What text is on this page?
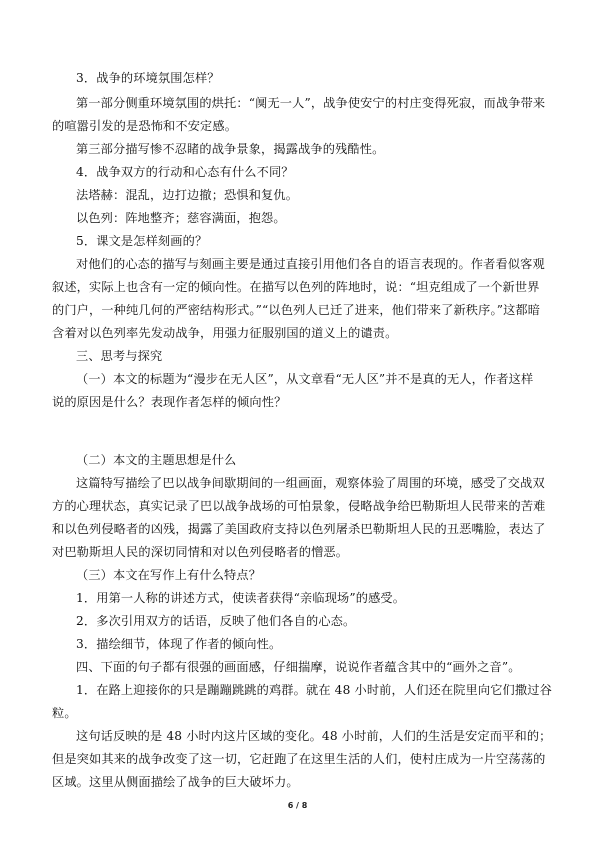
3．战争的环境氛围怎样？
第一部分侧重环境氛围的烘托：“阒无一人”，战争使安宁的村庄变得死寂，而战争带来
的喧嚣引发的是恐怖和不安定感。
第三部分描写惨不忍睹的战争景象，揭露战争的残酷性。
4．战争双方的行动和心态有什么不同？
法塔赫：混乱，边打边撤；恐惧和复仇。
以色列：阵地整齐；慈容满面，抱怨。
5．课文是怎样刻画的？
对他们的心态的描写与刻画主要是通过直接引用他们各自的语言表现的。作者看似客观
叙述，实际上也含有一定的倾向性。在描写以色列的阵地时，说：“坦克组成了一个新世界
的门户，一种纯几何的严密结构形式。”“以色列人已迁了进来，他们带来了新秩序。”这都暗
含着对以色列率先发动战争，用强力征服别国的道义上的谴责。
三、思考与探究
（一）本文的标题为“漫步在无人区”，从文章看“无人区”并不是真的无人，作者这样
说的原因是什么？表现作者怎样的倾向性？
（二）本文的主题思想是什么
这篇特写描绘了巴以战争间歇期间的一组画面，观察体验了周围的环境，感受了交战双
方的心理状态，真实记录了巴以战争战场的可怕景象，侵略战争给巴勒斯坦人民带来的苦难
和以色列侵略者的凶残，揭露了美国政府支持以色列屠杀巴勒斯坦人民的丑恶嘴脸，表达了
对巴勒斯坦人民的深切同情和对以色列侵略者的憎恶。
（三）本文在写作上有什么特点？
1．用第一人称的讲述方式，使读者获得“亲临现场”的感受。
2．多次引用双方的话语，反映了他们各自的心态。
3．描绘细节，体现了作者的倾向性。
四、下面的句子都有很强的画面感，仔细揣摩，说说作者蕴含其中的“画外之音”。
1．在路上迎接你的只是蹦蹦跳跳的鸡群。就在 48 小时前，人们还在院里向它们撒过谷
粒。
这句话反映的是 48 小时内这片区域的变化。48 小时前，人们的生活是安定而平和的；
但是突如其来的战争改变了这一切，它赶跑了在这里生活的人们，使村庄成为一片空荡荡的
区域。这里从侧面描绘了战争的巨大破坏力。
6 / 8
